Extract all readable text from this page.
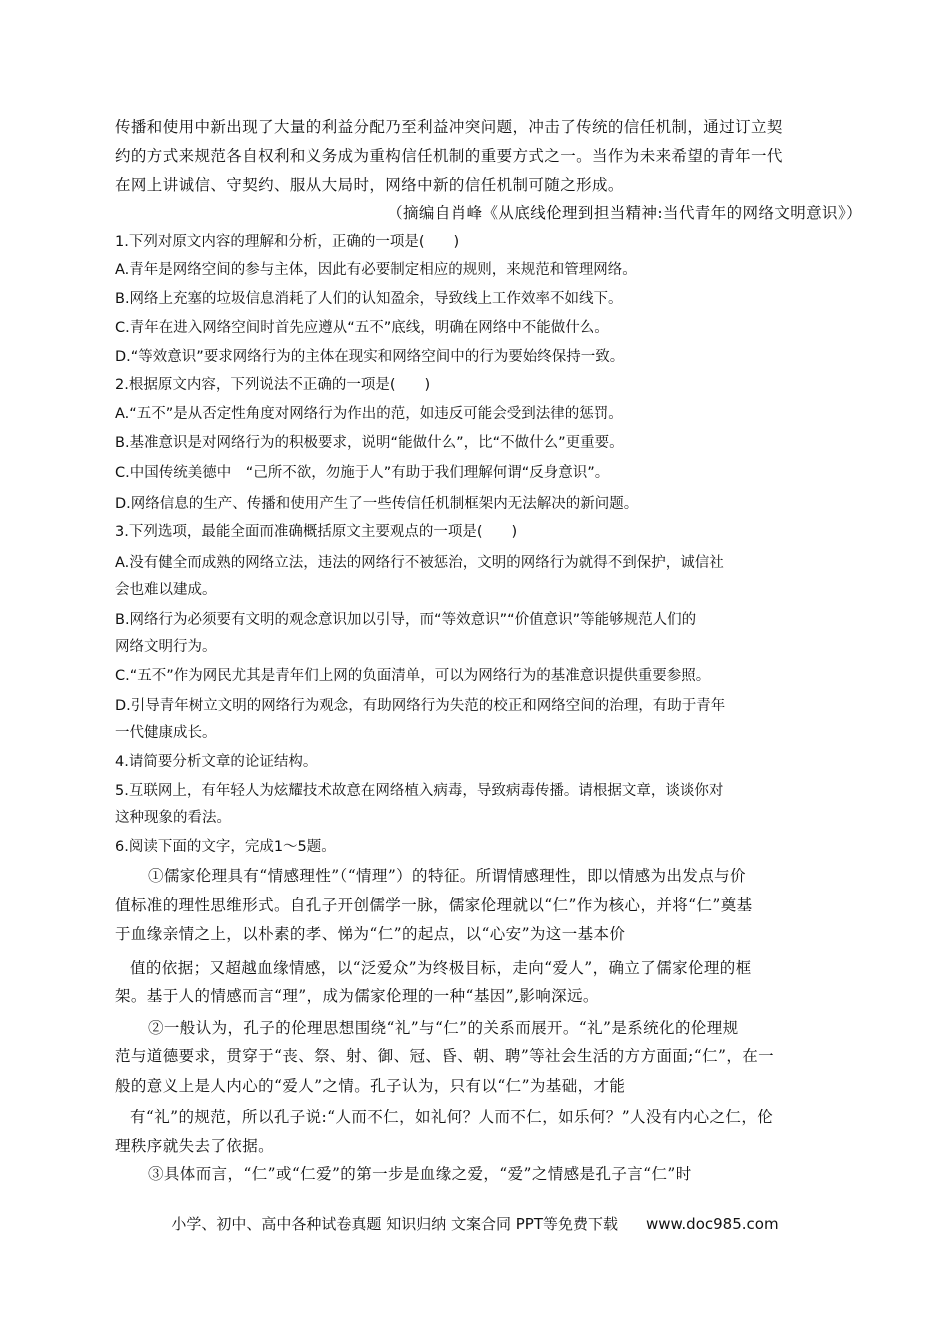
传播和使用中新出现了大量的利益分配乃至利益冲突问题，冲击了传统的信任机制，通过订立契
约的方式来规范各自权利和义务成为重构信任机制的重要方式之一。当作为未来希望的青年一代
在网上讲诚信、守契约、服从大局时，网络中新的信任机制可随之形成。
（摘编自肖峰《从底线伦理到担当精神:当代青年的网络文明意识》）
1.下列对原文内容的理解和分析，正确的一项是(　　)
A.青年是网络空间的参与主体，因此有必要制定相应的规则，来规范和管理网络。
B.网络上充塞的垃圾信息消耗了人们的认知盈余，导致线上工作效率不如线下。
C.青年在进入网络空间时首先应遵从“五不”底线，明确在网络中不能做什么。
D.“等效意识”要求网络行为的主体在现实和网络空间中的行为要始终保持一致。
2.根据原文内容，下列说法不正确的一项是(　　)
A.“五不”是从否定性角度对网络行为作出的范，如违反可能会受到法律的惩罚。
B.基准意识是对网络行为的积极要求，说明“能做什么”，比“不做什么”更重要。
C.中国传统美德中　“己所不欲，勿施于人”有助于我们理解何谓“反身意识”。
D.网络信息的生产、传播和使用产生了一些传信任机制框架内无法解决的新问题。
3.下列选项，最能全面而准确概括原文主要观点的一项是(　　)
A.没有健全而成熟的网络立法，违法的网络行不被惩治，文明的网络行为就得不到保护，诚信社
会也难以建成。
B.网络行为必须要有文明的观念意识加以引导，而“等效意识”“价值意识”等能够规范人们的
网络文明行为。
C.“五不”作为网民尤其是青年们上网的负面清单，可以为网络行为的基准意识提供重要参照。
D.引导青年树立文明的网络行为观念，有助网络行为失范的校正和网络空间的治理，有助于青年
一代健康成长。
4.请简要分析文章的论证结构。
5.互联网上，有年轻人为炫耀技术故意在网络植入病毒，导致病毒传播。请根据文章，谈谈你对
这种现象的看法。
6.阅读下面的文字，完成1～5题。
①儒家伦理具有“情感理性”（“情理”）的特征。所谓情感理性，即以情感为出发点与价
值标准的理性思维形式。自孔子开创儒学一脉，儒家伦理就以“仁”作为核心，并将“仁”奠基
于血缘亲情之上，以朴素的孝、悌为“仁”的起点，以“心安”为这一基本价
值的依据；又超越血缘情感，以“泛爱众”为终极目标，走向“爱人”，确立了儒家伦理的框
架。基于人的情感而言“理”，成为儒家伦理的一种“基因”,影响深远。
②一般认为，孔子的伦理思想围绕“礼”与“仁”的关系而展开。“礼”是系统化的伦理规
范与道德要求，贯穿于“丧、祭、射、御、冠、昏、朝、聘”等社会生活的方方面面;“仁”，在一
般的意义上是人内心的“爱人”之情。孔子认为，只有以“仁”为基础，才能
有“礼”的规范，所以孔子说:“人而不仁，如礼何？人而不仁，如乐何？”人没有内心之仁，伦
理秩序就失去了依据。
③具体而言，“仁”或“仁爱”的第一步是血缘之爱，“爱”之情感是孔子言“仁”时
小学、初中、高中各种试卷真题 知识归纳 文案合同 PPT等免费下载 www.doc985.com
